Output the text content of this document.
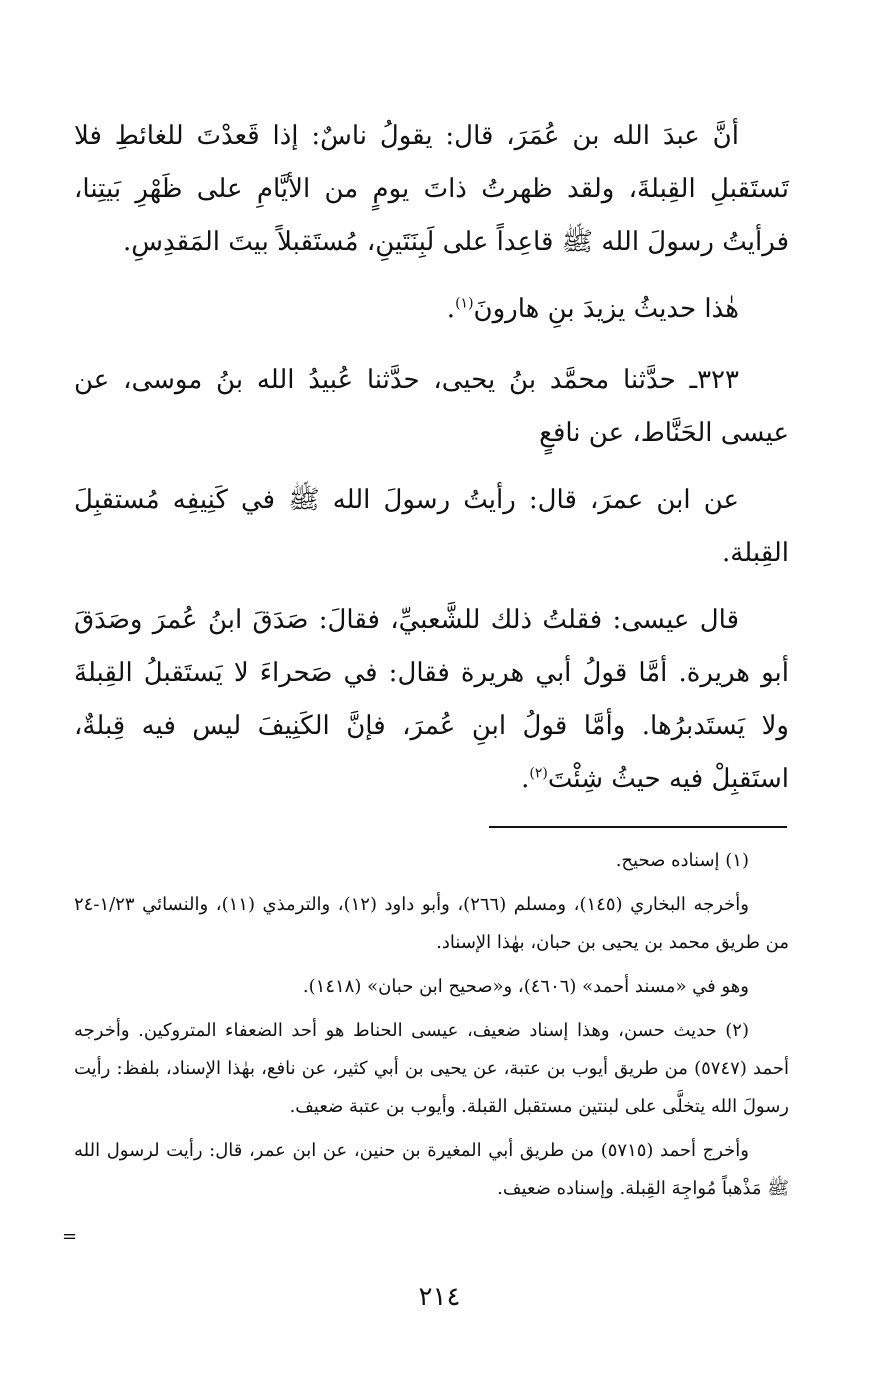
أنَّ عبدَ الله بن عُمَرَ، قال: يقولُ ناسٌ: إذا قَعدْتَ للغائطِ فلا تَستَقبلِ القِبلةَ، ولقد ظهرتُ ذاتَ يومٍ من الأيَّامِ على ظَهْرِ بَيتِنا، فرأيتُ رسولَ الله ﷺ قاعِداً على لَبِنَتَينِ، مُستَقبلاً بيتَ المَقدِسِ.

هٰذا حديثُ يزيدَ بنِ هارونَ$^{(١)}$.

٣٢٣ـ حدَّثنا محمَّد بنُ يحيى، حدَّثنا عُبيدُ الله بنُ موسى، عن عيسى الحَنَّاط، عن نافعٍ

عن ابن عمرَ، قال: رأيتُ رسولَ الله ﷺ في كَنِيفِه مُستقبِلَ القِبلة.

قال عيسى: فقلتُ ذلك للشَّعبيِّ، فقالَ: صَدَقَ ابنُ عُمرَ وصَدَقَ أبو هريرة. أمَّا قولُ أبي هريرة فقال: في صَحراءَ لا يَستَقبلُ القِبلةَ ولا يَستَدبرُها. وأمَّا قولُ ابنِ عُمرَ، فإنَّ الكَنِيفَ ليس فيه قِبلةٌ، استَقبِلْ فيه حيثُ شِئْتَ$^{(٢)}$.

(١) إسناده صحيح.

وأخرجه البخاري (١٤٥)، ومسلم (٢٦٦)، وأبو داود (١٢)، والترمذي (١١)، والنسائي ١/٢٣-٢٤ من طريق محمد بن يحيى بن حبان، بهٰذا الإسناد.

وهو في «مسند أحمد» (٤٦٠٦)، و«صحيح ابن حبان» (١٤١٨).

(٢) حديث حسن، وهذا إسناد ضعيف، عيسى الحناط هو أحد الضعفاء المتروكين. وأخرجه أحمد (٥٧٤٧) من طريق أيوب بن عتبة، عن يحيى بن أبي كثير، عن نافع، بهٰذا الإسناد، بلفظ: رأيت رسولَ الله يتخلَّى على لبنتين مستقبل القبلة. وأيوب بن عتبة ضعيف.

وأخرج أحمد (٥٧١٥) من طريق أبي المغيرة بن حنين، عن ابن عمر، قال: رأيت لرسول الله ﷺ مَذْهباً مُواجِهَ القِبلة. وإسناده ضعيف.

=
٢١٤
